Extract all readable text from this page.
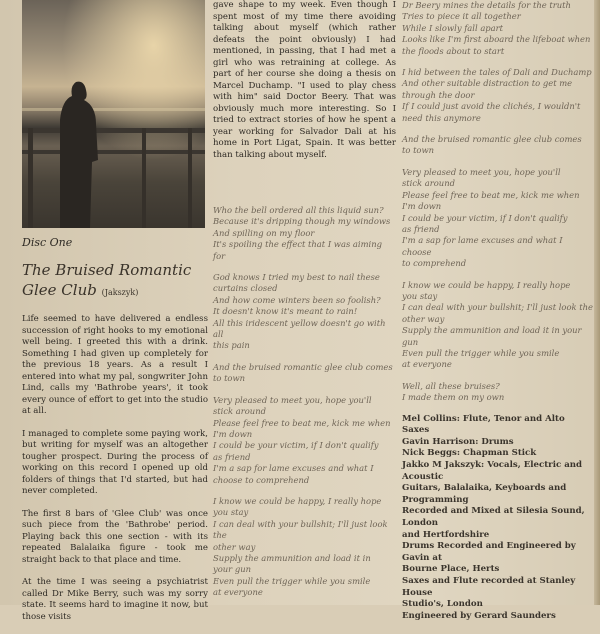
Disc One
The Bruised Romantic Glee Club (Jakszyk)

Life seemed to have delivered a endless succession of right hooks to my emotional well being. I greeted this with a drink. Something I had given up completely for the previous 18 years. As a result I entered into what my pal, songwriter John Lind, calls my 'Bathrobe years', it took every ounce of effort to get into the studio at all.

I managed to complete some paying work, but writing for myself was an altogether tougher prospect. During the process of working on this record I opened up old folders of things that I'd started, but had never completed.

The first 8 bars of 'Glee Club' was once such piece from the 'Bathrobe' period. Playing back this one section - with its repeated Balalaika figure - took me straight back to that place and time.

At the time I was seeing a psychiatrist called Dr Mike Berry, such was my sorry state. It seems hard to imagine it now, but those visits

gave shape to my week. Even though I spent most of my time there avoiding talking about myself (which rather defeats the point obviously) I had mentioned, in passing, that I had met a girl who was retraining at college. As part of her course she doing a thesis on Marcel Duchamp. "I used to play chess with him" said Doctor Beery. That was obviously much more interesting. So I tried to extract stories of how he spent a year working for Salvador Dali at his home in Port Ligat, Spain. It was better than talking about myself.

Who the bell ordered all this liquid sun?
Because it's dripping though my windows
And spilling on my floor
It's spoiling the effect that I was aiming for
God knows I tried my best to nail these
curtains closed
And how come winters been so foolish?
It doesn't know it's meant to rain!
All this iridescent yellow doesn't go with all
this pain
And the bruised romantic glee club comes
to town
Very pleased to meet you, hope you'll
stick around
Please feel free to beat me, kick me when
I'm down
I could be your victim, if I don't qualify
as friend
I'm a sap for lame excuses and what I
choose to comprehend
I know we could be happy, I really hope
you stay
I can deal with your bullshit; I'll just look the
other way
Supply the ammunition and load it in
your gun
Even pull the trigger while you smile
at everyone
Dr Beery mines the details for the truth
Tries to piece it all together
While I slowly fall apart
Looks like I'm first aboard the lifeboat when
the floods about to start
I hid between the tales of Dali and Duchamp
And other suitable distraction to get me
through the door
If I could just avoid the clichés, I wouldn't
need this anymore
And the bruised romantic glee club comes
to town
Very pleased to meet you, hope you'll
stick around
Please feel free to beat me, kick me when
I'm down
I could be your victim, if I don't qualify
as friend
I'm a sap for lame excuses and what I choose
to comprehend
I know we could be happy, I really hope
you stay
I can deal with your bullshit; I'll just look the
other way
Supply the ammunition and load it in your gun
Even pull the trigger while you smile
at everyone
Well, all these bruises?
I made them on my own
Mel Collins: Flute, Tenor and Alto Saxes
Gavin Harrison: Drums
Nick Beggs: Chapman Stick
Jakko M Jakszyk: Vocals, Electric and Acoustic
Guitars, Balalaika, Keyboards and Programming
Recorded and Mixed at Silesia Sound, London
and Hertfordshire
Drums Recorded and Engineered by Gavin at
Bourne Place, Herts
Saxes and Flute recorded at Stanley House
Studio's, London
Engineered by Gerard Saunders
